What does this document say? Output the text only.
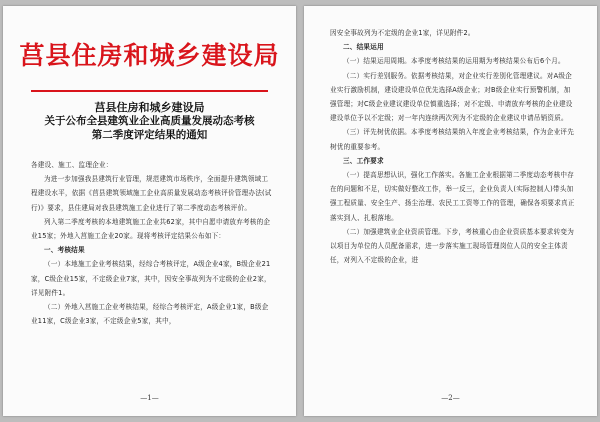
莒县住房和城乡建设局
莒县住房和城乡建设局
关于公布全县建筑业企业高质量发展动态考核
第二季度评定结果的通知

各建设、施工、监理企业：

为进一步加强我县建筑行业管理，规范建筑市场秩序，全面提升建筑领域工程建设水平，依据《莒县建筑领域施工企业高质量发展动态考核评价管理办法(试行)》要求，县住建局对我县建筑施工企业进行了第二季度动态考核评价。

列入第二季度考核的本地建筑施工企业共62家，其中自愿申请放弃考核的企业15家；外地入莒施工企业20家。现将考核评定结果公布如下：

一、考核结果

（一）本地施工企业考核结果，经综合考核评定，A级企业4家，B级企业21家，C级企业15家，不定级企业7家，其中，因安全事故列为不定级的企业2家，详见附件1。

（二）外地入莒施工企业考核结果，经综合考核评定，A级企业1家，B级企业11家，C级企业3家，不定级企业5家，其中，

—1—

因安全事故列为不定级的企业1家，详见附件2。

二、结果运用

（一）结果运用周期。本季度考核结果的运用期为考核结果公布后6个月。

（二）实行差别服务。依据考核结果，对企业实行差别化管理建议。对A级企业实行激励机制，建设建设单位优先选择A级企业；对B级企业实行预警机制，加强管理；对C级企业建议建设单位慎重选择；对不定级、申请放弃考核的企业建设建设单位予以不定级；对一年内连续两次列为不定级的企业建议申请吊销资质。

（三）评先树优依据。本季度考核结果纳入年度企业考核结果，作为企业评先树优的重要参考。

三、工作要求

（一）提高思想认识，强化工作落实。各施工企业根据第二季度动态考核中存在的问题和不足，切实做好整改工作，举一反三，企业负责人(实际控制人)带头加强工程质量、安全生产、扬尘治理、农民工工资等工作的管理，确保各项要求真正落实到人、扎根落地。

（二）加强建筑业企业资质管理。下步，考核重心由企业资质基本要求转变为以项目为单位的人员配备需求，进一步落实施工现场管理岗位人员的安全主体责任，对列入不定级的企业，进

—2—
